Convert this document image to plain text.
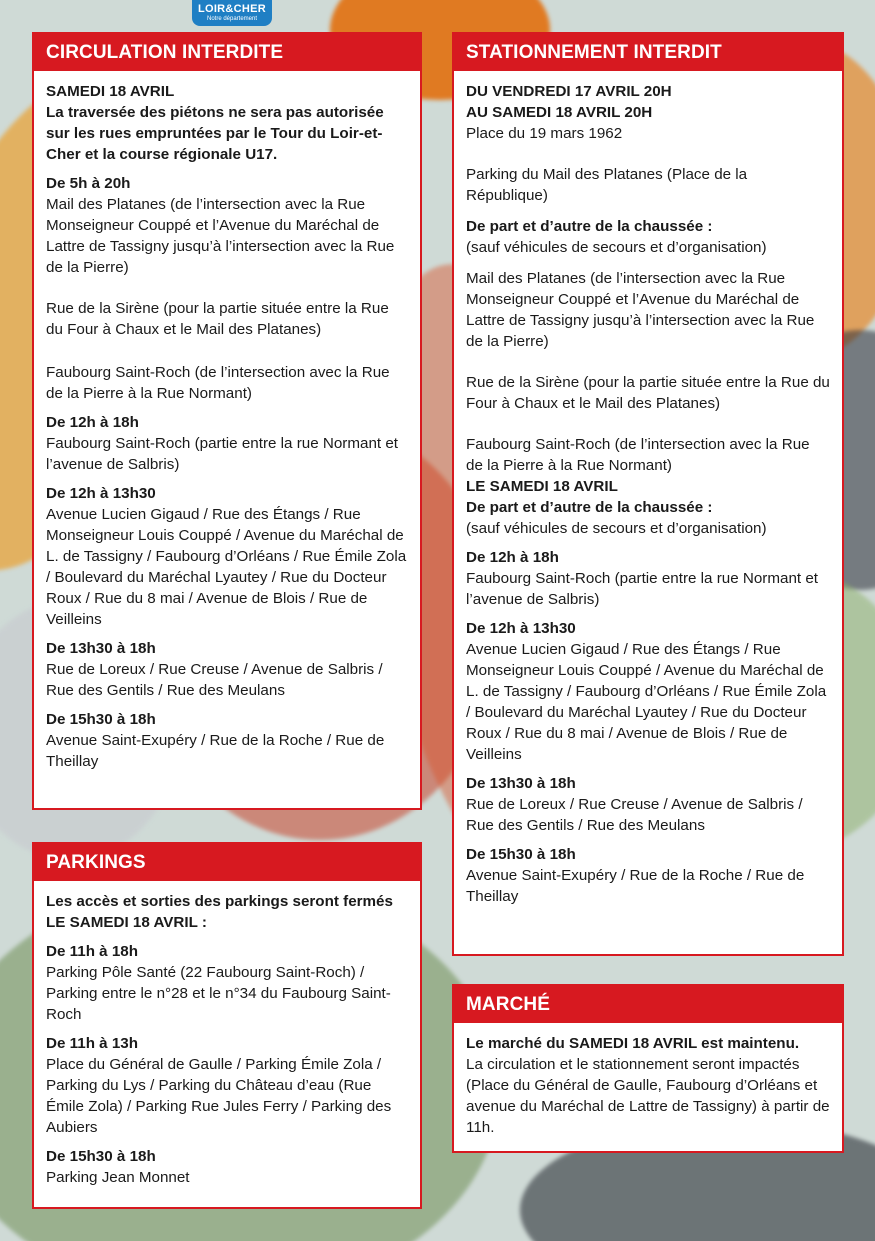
LOIR&CHER
Notre département
CIRCULATION INTERDITE

SAMEDI 18 AVRIL

La traversée des piétons ne sera pas autorisée sur les rues empruntées par le Tour du Loir-et-Cher et la course régionale U17.

De 5h à 20h

Mail des Platanes (de l’intersection avec la Rue Monseigneur Couppé et l’Avenue du Maréchal de Lattre de Tassigny jusqu’à l’intersection avec la Rue de la Pierre)

Rue de la Sirène (pour la partie située entre la Rue du Four à Chaux et le Mail des Platanes)

Faubourg Saint-Roch (de l’intersection avec la Rue de la Pierre à la Rue Normant)

De 12h à 18h

Faubourg Saint-Roch (partie entre la rue Normant et l’avenue de Salbris)

De 12h à 13h30

Avenue Lucien Gigaud / Rue des Étangs / Rue Monseigneur Louis Couppé / Avenue du Maréchal de L. de Tassigny / Faubourg d’Orléans / Rue Émile Zola / Boulevard du Maréchal Lyautey / Rue du Docteur Roux / Rue du 8 mai / Avenue de Blois / Rue de Veilleins

De 13h30 à 18h

Rue de Loreux / Rue Creuse / Avenue de Salbris / Rue des Gentils / Rue des Meulans

De 15h30 à 18h

Avenue Saint-Exupéry / Rue de la Roche / Rue de Theillay

STATIONNEMENT INTERDIT

DU VENDREDI 17 AVRIL 20H

AU SAMEDI 18 AVRIL 20H

Place du 19 mars 1962

Parking du Mail des Platanes (Place de la République)

De part et d’autre de la chaussée :

(sauf véhicules de secours et d’organisation)

Mail des Platanes (de l’intersection avec la Rue Monseigneur Couppé et l’Avenue du Maréchal de Lattre de Tassigny jusqu’à l’intersection avec la Rue de la Pierre)

Rue de la Sirène (pour la partie située entre la Rue du Four à Chaux et le Mail des Platanes)

Faubourg Saint-Roch (de l’intersection avec la Rue de la Pierre à la Rue Normant)

LE SAMEDI 18 AVRIL

De part et d’autre de la chaussée :

(sauf véhicules de secours et d’organisation)

De 12h à 18h

Faubourg Saint-Roch (partie entre la rue Normant et l’avenue de Salbris)

De 12h à 13h30

Avenue Lucien Gigaud / Rue des Étangs / Rue Monseigneur Louis Couppé / Avenue du Maréchal de L. de Tassigny / Faubourg d’Orléans / Rue Émile Zola / Boulevard du Maréchal Lyautey / Rue du Docteur Roux / Rue du 8 mai / Avenue de Blois / Rue de Veilleins

De 13h30 à 18h

Rue de Loreux / Rue Creuse / Avenue de Salbris / Rue des Gentils / Rue des Meulans

De 15h30 à 18h

Avenue Saint-Exupéry / Rue de la Roche / Rue de Theillay

PARKINGS

Les accès et sorties des parkings seront fermés LE SAMEDI 18 AVRIL :

De 11h à 18h

Parking Pôle Santé (22 Faubourg Saint-Roch) / Parking entre le n°28 et le n°34 du Faubourg Saint-Roch

De 11h à 13h

Place du Général de Gaulle / Parking Émile Zola / Parking du Lys / Parking du Château d’eau (Rue Émile Zola) / Parking Rue Jules Ferry / Parking des Aubiers

De 15h30 à 18h

Parking Jean Monnet

MARCHÉ

Le marché du SAMEDI 18 AVRIL est maintenu.

La circulation et le stationnement seront impactés (Place du Général de Gaulle, Faubourg d’Orléans et avenue du Maréchal de Lattre de Tassigny) à partir de 11h.
